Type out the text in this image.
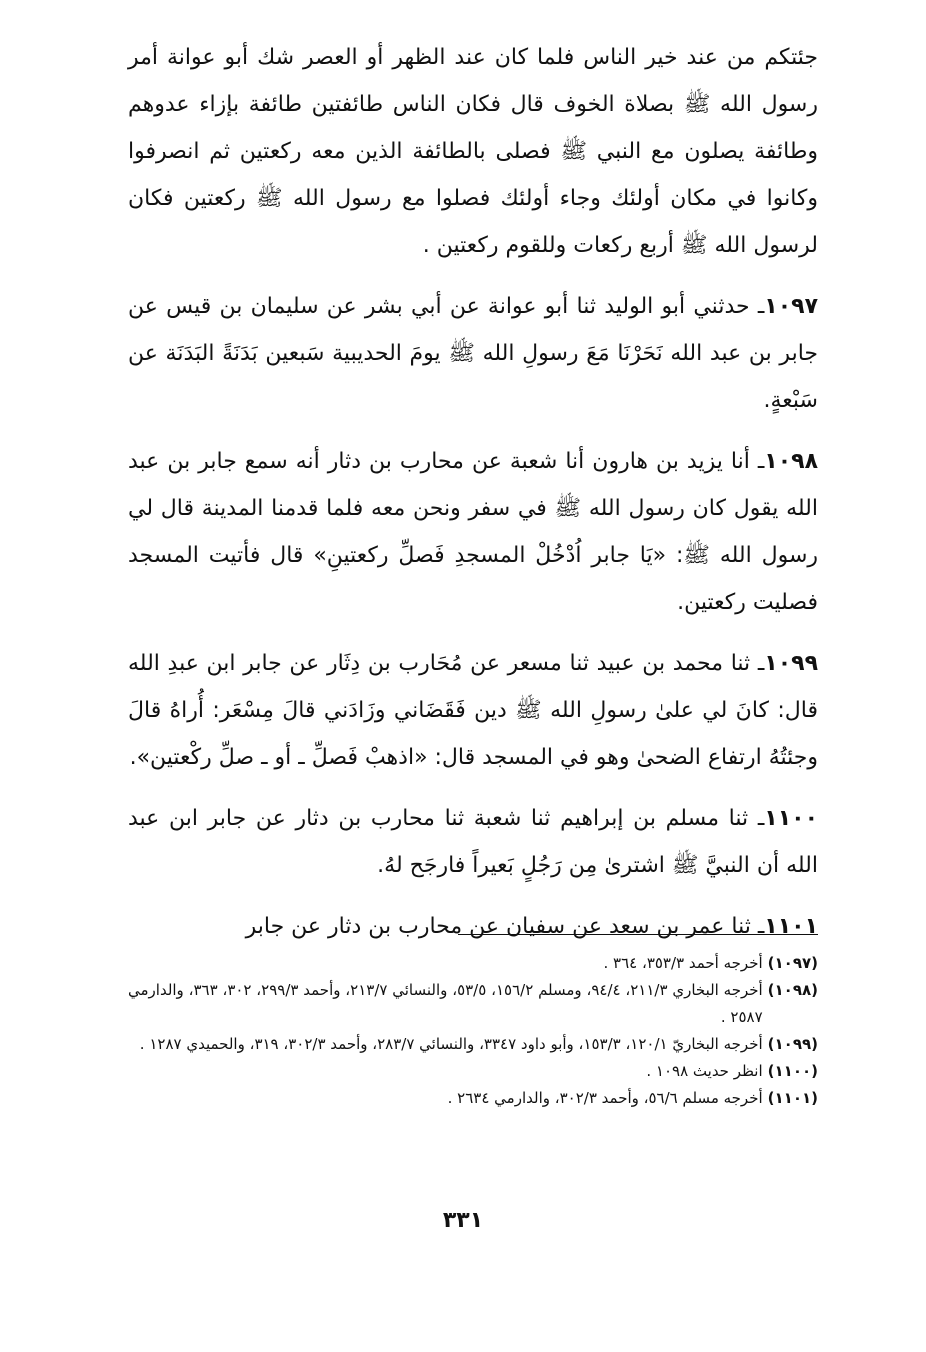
جئتكم من عند خير الناس فلما كان عند الظهر أو العصر شك أبو عوانة أمر رسول الله ﷺ بصلاة الخوف قال فكان الناس طائفتين طائفة بإزاء عدوهم وطائفة يصلون مع النبي ﷺ فصلى بالطائفة الذين معه ركعتين ثم انصرفوا وكانوا في مكان أولئك وجاء أولئك فصلوا مع رسول الله ﷺ ركعتين فكان لرسول الله ﷺ أربع ركعات وللقوم ركعتين .

١٠٩٧ـ حدثني أبو الوليد ثنا أبو عوانة عن أبي بشر عن سليمان بن قيس عن جابر بن عبد الله نَحَرْنَا مَعَ رسولِ الله ﷺ يومَ الحديبية سَبعين بَدَنَةً البَدَنَة عن سَبْعةٍ.

١٠٩٨ـ أنا يزيد بن هارون أنا شعبة عن محارب بن دثار أنه سمع جابر بن عبد الله يقول كان رسول الله ﷺ في سفر ونحن معه فلما قدمنا المدينة قال لي رسول الله ﷺ: «يَا جابر اُدْخُلْ المسجدِ فَصلِّ ركعتينِ» قال فأتيت المسجد فصليت ركعتين.

١٠٩٩ـ ثنا محمد بن عبيد ثنا مسعر عن مُحَارب بن دِثَار عن جابر ابن عبدِ الله قال: كانَ لي علىٰ رسولِ الله ﷺ دين فَقَضَاني وزَادَني قالَ مِسْعَر: أُراهُ قالَ وجئتُهُ ارتفاع الضحىٰ وهو في المسجد قال: «اذهبْ فَصلِّ ـ أو ـ صلِّ ركْعتين».

١١٠٠ـ ثنا مسلم بن إبراهيم ثنا شعبة ثنا محارب بن دثار عن جابر ابن عبد الله أن النبيَّ ﷺ اشترىٰ مِن رَجُلٍ بَعيراً فارجَح لهُ.

١١٠١ـ ثنا عمر بن سعد عن سفيان عن محارب بن دثار عن جابر

(١٠٩٧)
أخرجه أحمد ٣٥٣/٣، ٣٦٤ .
(١٠٩٨)
أخرجه البخاري ٢١١/٣، ٩٤/٤، ومسلم ١٥٦/٢، ٥٣/٥، والنسائي ٢١٣/٧، وأحمد ٢٩٩/٣، ٣٠٢، ٣٦٣، والدارمي ٢٥٨٧ .
(١٠٩٩)
أخرجه البخاريّ ١٢٠/١، ١٥٣/٣، وأبو داود ٣٣٤٧، والنسائي ٢٨٣/٧، وأحمد ٣٠٢/٣، ٣١٩، والحميدي ١٢٨٧ .
(١١٠٠)
انظر حديث ١٠٩٨ .
(١١٠١)
أخرجه مسلم ٥٦/٦، وأحمد ٣٠٢/٣، والدارمي ٢٦٣٤ .
٣٣١
